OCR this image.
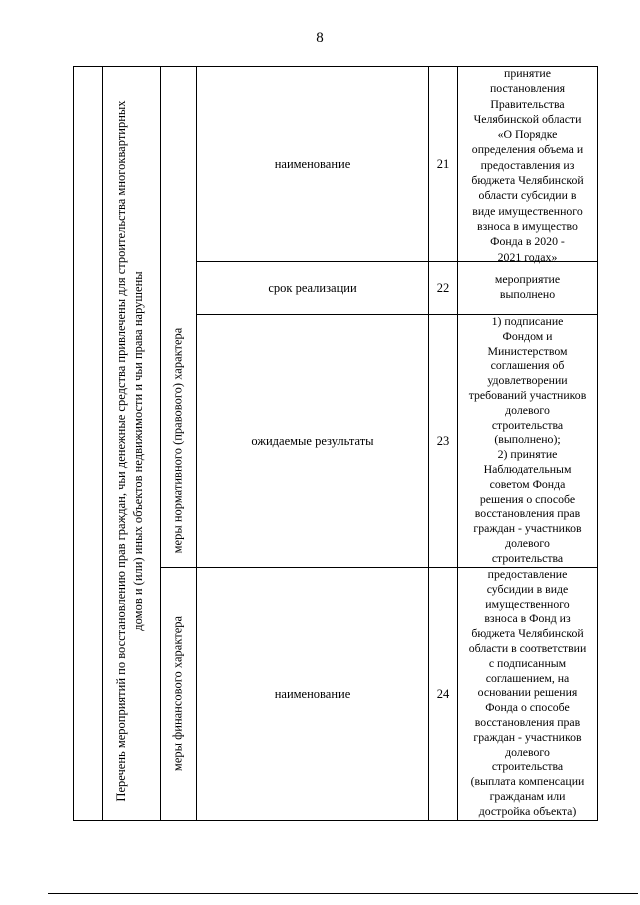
8
Перечень мероприятий по восстановлению прав граждан, чьи денежные средства привлечены для строительства многоквартирных домов и (или) иных объектов недвижимости и чьи права нарушены меры нормативного (правового) характера
меры финансового характера
наименование
срок реализации
ожидаемые результаты
наименование
21
22
23
24
принятие
постановления
Правительства
Челябинской области
«О Порядке
определения объема и
предоставления из
бюджета Челябинской
области субсидии в
виде имущественного
взноса в имущество
Фонда в 2020 -
2021 годах»
мероприятие
выполнено
1) подписание
Фондом и
Министерством
соглашения об
удовлетворении
требований участников
долевого
строительства
(выполнено);
2) принятие
Наблюдательным
советом Фонда
решения о способе
восстановления прав
граждан - участников
долевого
строительства
предоставление
субсидии в виде
имущественного
взноса в Фонд из
бюджета Челябинской
области в соответствии
с подписанным
соглашением, на
основании решения
Фонда о способе
восстановления прав
граждан - участников
долевого
строительства
(выплата компенсации
гражданам или
достройка объекта)
